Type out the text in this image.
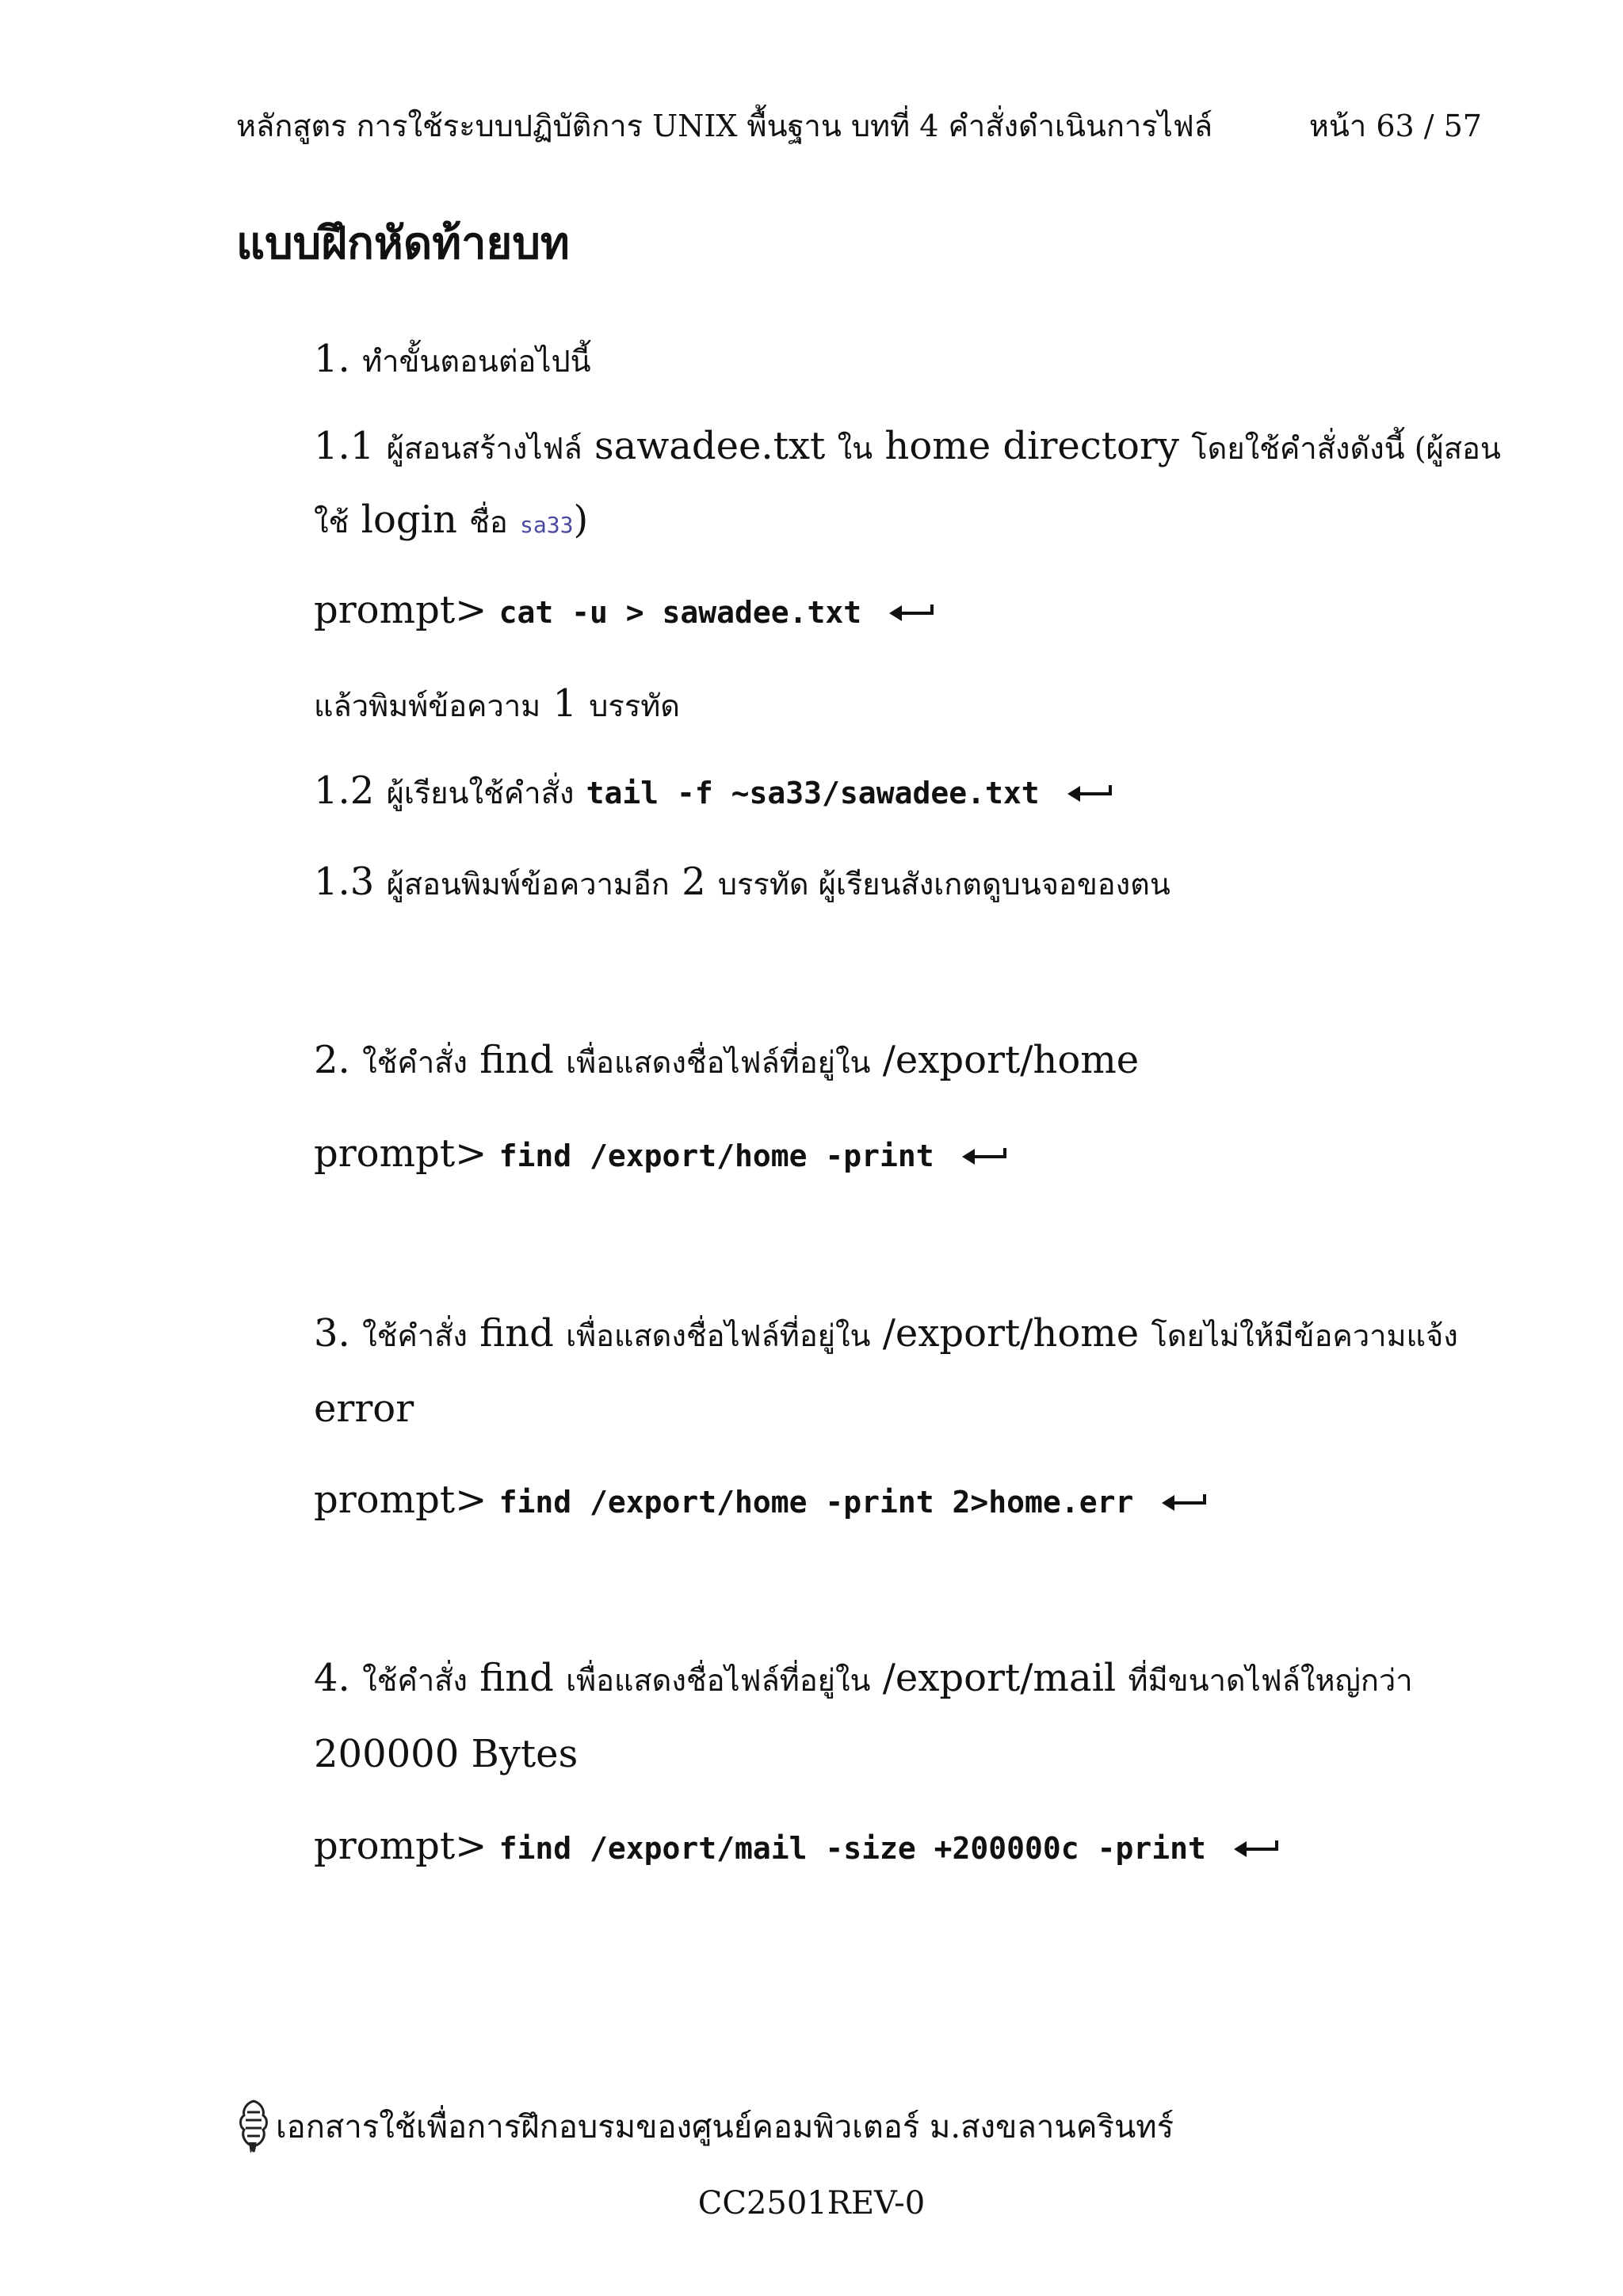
หลักสูตร การใช้ระบบปฏิบัติการ UNIX พื้นฐาน บทที่ 4 คำสั่งดำเนินการไฟล์	หน้า 63 / 57
แบบฝึกหัดท้ายบท
1. ทำขั้นตอนต่อไปนี้
1.1 ผู้สอนสร้างไฟล์ sawadee.txt ใน home directory โดยใช้คำสั่งดังนี้ (ผู้สอน
ใช้ login ชื่อ sa33)
prompt> cat -u > sawadee.txt
แล้วพิมพ์ข้อความ 1 บรรทัด
1.2 ผู้เรียนใช้คำสั่ง tail -f ~sa33/sawadee.txt
1.3 ผู้สอนพิมพ์ข้อความอีก 2 บรรทัด ผู้เรียนสังเกตดูบนจอของตน
2. ใช้คำสั่ง find เพื่อแสดงชื่อไฟล์ที่อยู่ใน /export/home
prompt> find /export/home -print
3. ใช้คำสั่ง find เพื่อแสดงชื่อไฟล์ที่อยู่ใน /export/home โดยไม่ให้มีข้อความแจ้ง
error
prompt> find /export/home -print 2>home.err
4. ใช้คำสั่ง find เพื่อแสดงชื่อไฟล์ที่อยู่ใน /export/mail ที่มีขนาดไฟล์ใหญ่กว่า
200000 Bytes
prompt> find /export/mail -size +200000c -print
เอกสารใช้เพื่อการฝึกอบรมของศูนย์คอมพิวเตอร์ ม.สงขลานครินทร์
CC2501REV-0
